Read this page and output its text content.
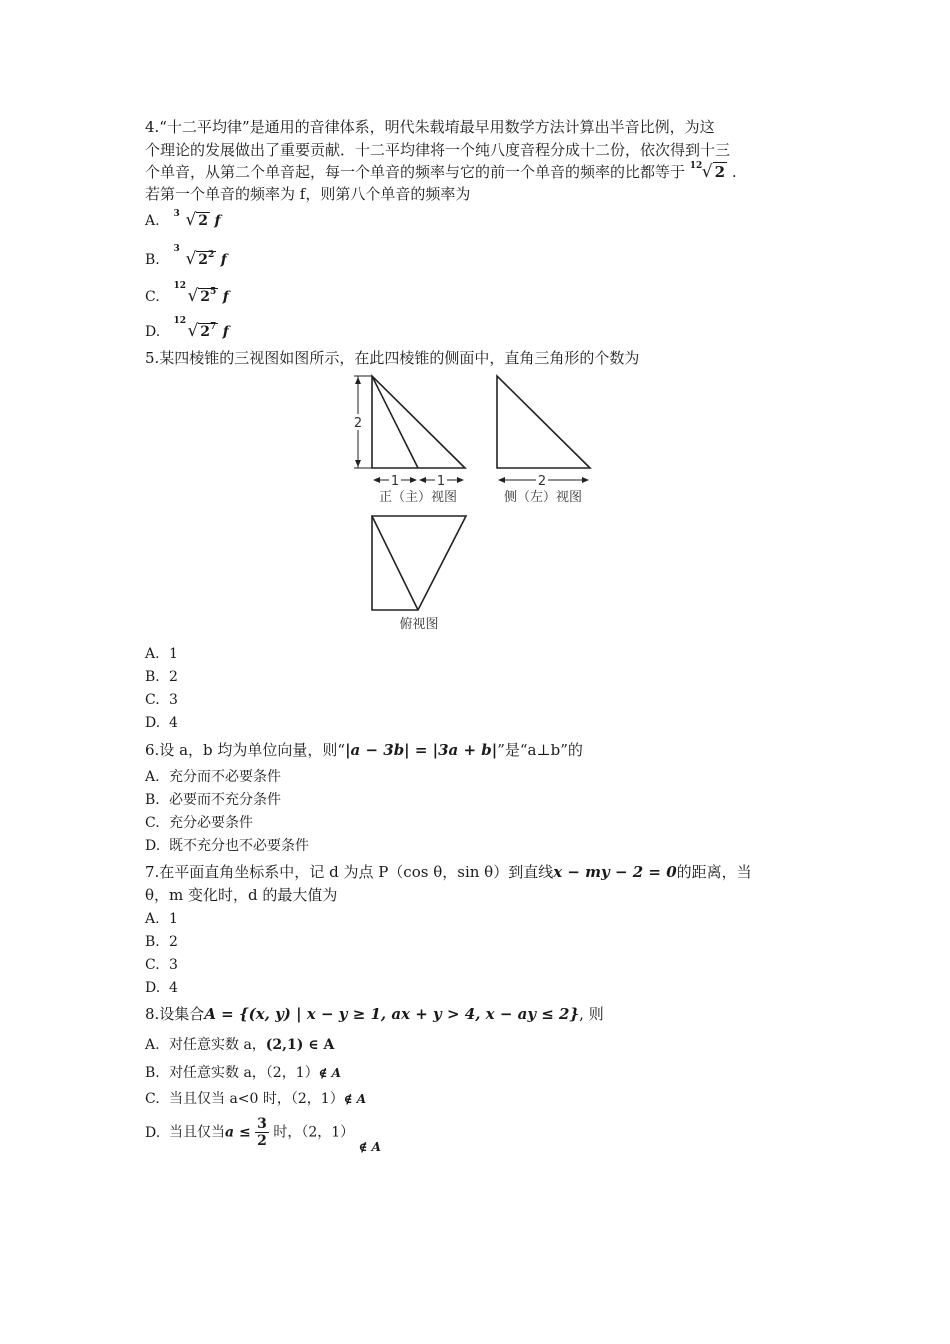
4.“十二平均律”是通用的音律体系，明代朱载堉最早用数学方法计算出半音比例，为这
个理论的发展做出了重要贡献．十二平均律将一个纯八度音程分成十二份，依次得到十三
个单音，从第二个单音起，每一个单音的频率与它的前一个单音的频率的比都等于 12 √ 2 .
若第一个单音的频率为 f，则第八个单音的频率为
A. 3 √ 2 f
B.
3 √ $2^2$ f
C.
12 √ $2^5$ f
D.
12 √ $2^7$ f
5.某四棱锥的三视图如图所示，在此四棱锥的侧面中，直角三角形的个数为
2
1	1	2
正（主）视图	侧（左）视图
俯视图
A. 1
B. 2
C. 3
D. 4
6.设 a，b 均为单位向量，则“|a − 3b| = |3a + b|”是“a⊥b”的
A. 充分而不必要条件
B. 必要而不充分条件
C. 充分必要条件
D. 既不充分也不必要条件
7.在平面直角坐标系中，记 d 为点 P（cos θ，sin θ）到直线x − my − 2 = 0的距离，当
θ，m 变化时，d 的最大值为
A. 1
B. 2
C. 3
D. 4
8.设集合A = {(x, y) | x − y ≥ 1, ax + y > 4, x − ay ≤ 2}, 则
A. 对任意实数 a，(2,1) ∈ A
B. 对任意实数 a，（2，1）∉ A
C. 当且仅当 a<0 时，（2，1）∉ A
D. 当且仅当$a \le \frac{3}{2}$ 时，（2，1） ∉ A
